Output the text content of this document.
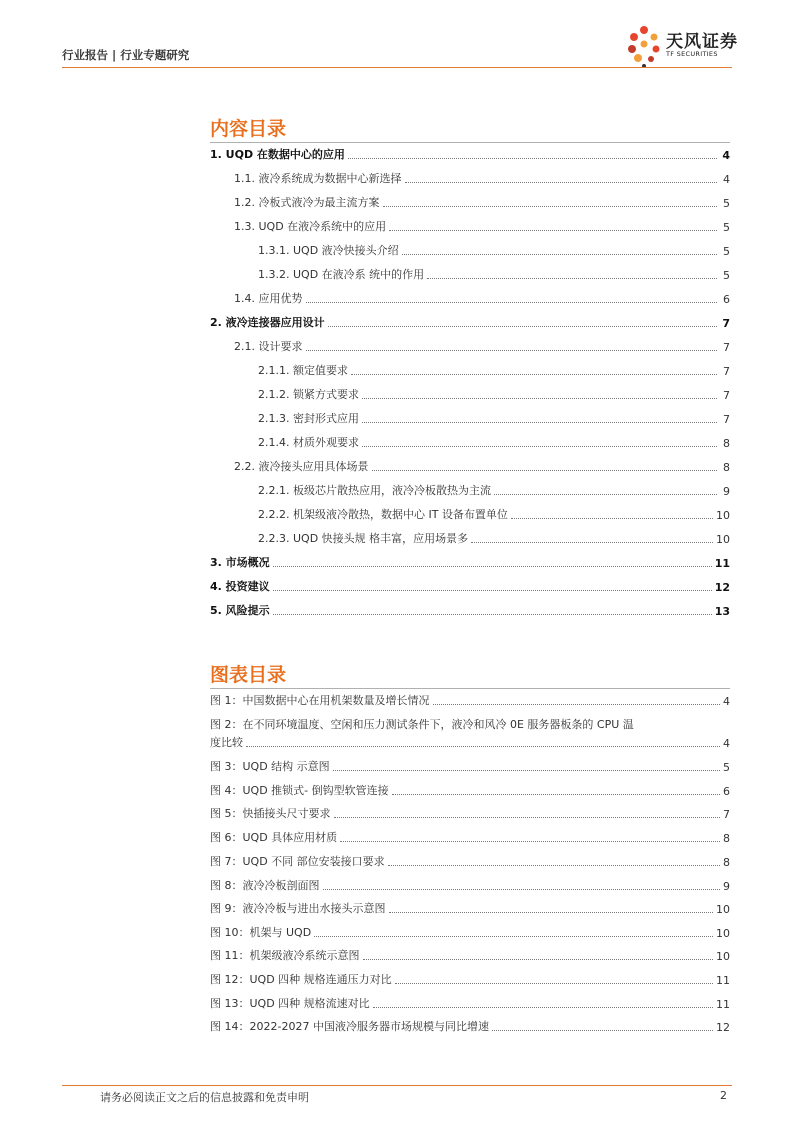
行业报告 | 行业专题研究
天风证券
TF SECURITIES
内容目录
1. UQD 在数据中心的应用	4
1.1. 液冷系统成为数据中心新选择	4
1.2. 冷板式液冷为最主流方案	5
1.3. UQD 在液冷系统中的应用	5
1.3.1. UQD 液冷快接头介绍	5
1.3.2. UQD 在液冷系 统中的作用	5
1.4. 应用优势	6
2. 液冷连接器应用设计	7
2.1. 设计要求	7
2.1.1. 额定值要求	7
2.1.2. 锁紧方式要求	7
2.1.3. 密封形式应用	7
2.1.4. 材质外观要求	8
2.2. 液冷接头应用具体场景	8
2.2.1. 板级芯片散热应用，液冷冷板散热为主流	9
2.2.2. 机架级液冷散热，数据中心 IT 设备布置单位	10
2.2.3. UQD 快接头规 格丰富，应用场景多	10
3. 市场概况	11
4. 投资建议	12
5. 风险提示	13
图表目录
图 1：中国数据中心在用机架数量及增长情况	4
图 2：在不同环境温度、空闲和压力测试条件下，液冷和风冷 0E 服务器板条的 CPU 温
度比较	4
图 3：UQD 结构 示意图	5
图 4：UQD 推锁式- 倒钩型软管连接	6
图 5：快插接头尺寸要求	7
图 6：UQD 具体应用材质	8
图 7：UQD 不同 部位安装接口要求	8
图 8：液冷冷板剖面图	9
图 9：液冷冷板与进出水接头示意图	10
图 10：机架与 UQD	10
图 11：机架级液冷系统示意图	10
图 12：UQD 四种 规格连通压力对比	11
图 13：UQD 四种 规格流速对比	11
图 14：2022-2027 中国液冷服务器市场规模与同比增速	12
请务必阅读正文之后的信息披露和免责申明	2
